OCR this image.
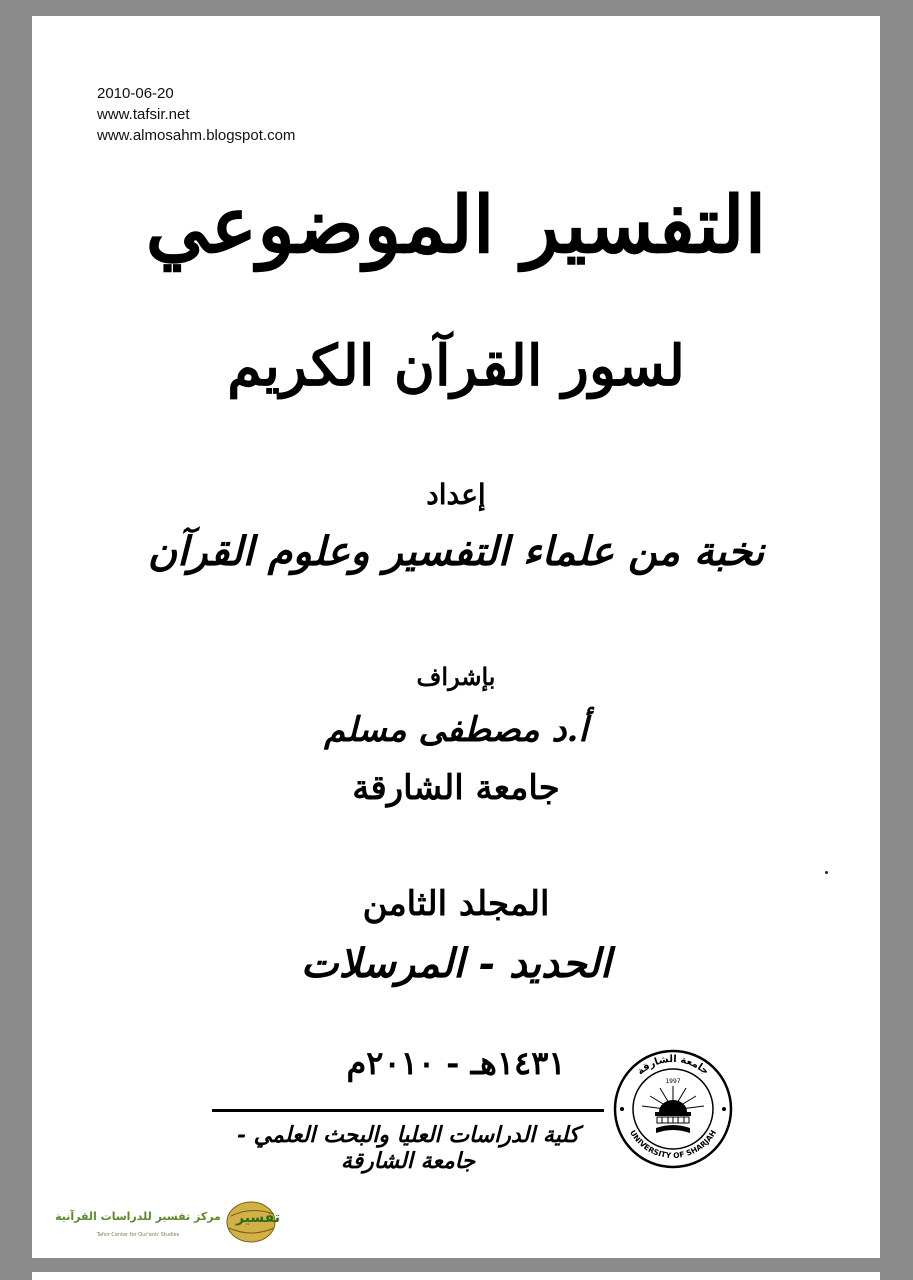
2010-06-20
www.tafsir.net
www.almosahm.blogspot.com
التفسير الموضوعي
لسور القرآن الكريم
إعداد
نخبة من علماء التفسير وعلوم القرآن
بإشراف
أ.د مصطفى مسلم
جامعة الشارقة
المجلد الثامن
الحديد - المرسلات
١٤٣١هـ - ٢٠١٠م
كلية الدراسات العليا والبحث العلمي - جامعة الشارقة
جامعة الشارقة
UNIVERSITY OF SHARJAH
1997
تفسير
مركز تفسير للدراسات القرآنية
Tafsir Center for Qur'anic Studies
